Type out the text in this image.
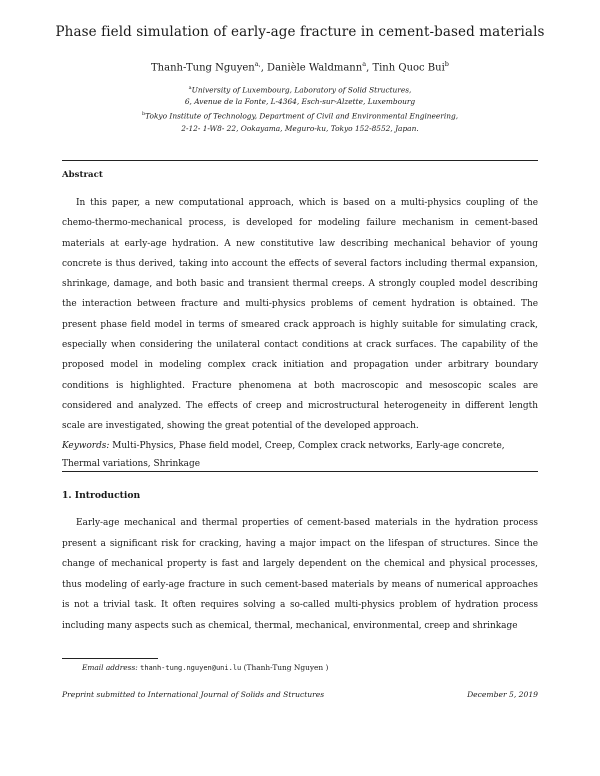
Phase field simulation of early-age fracture in cement-based materials
Thanh-Tung Nguyen$^{a,}$, Danièle Waldmann$^a$, Tinh Quoc Bui$^b$
$^a$University of Luxembourg, Laboratory of Solid Structures,
6, Avenue de la Fonte, L-4364, Esch-sur-Alzette, Luxembourg
$^b$Tokyo Institute of Technology, Department of Civil and Environmental Engineering,
2-12- 1-W8- 22, Ookayama, Meguro-ku, Tokyo 152-8552, Japan.
Abstract
In this paper, a new computational approach, which is based on a multi-physics coupling of the chemo-thermo-mechanical process, is developed for modeling failure mechanism in cement-based materials at early-age hydration. A new constitutive law describing mechanical behavior of young concrete is thus derived, taking into account the effects of several factors including thermal expansion, shrinkage, damage, and both basic and transient thermal creeps. A strongly coupled model describing the interaction between fracture and multi-physics problems of cement hydration is obtained. The present phase field model in terms of smeared crack approach is highly suitable for simulating crack, especially when considering the unilateral contact conditions at crack surfaces. The capability of the proposed model in modeling complex crack initiation and propagation under arbitrary boundary conditions is highlighted. Fracture phenomena at both macroscopic and mesoscopic scales are considered and analyzed. The effects of creep and microstructural heterogeneity in different length scale are investigated, showing the great potential of the developed approach.
Keywords: Multi-Physics, Phase field model, Creep, Complex crack networks, Early-age concrete, Thermal variations, Shrinkage
1. Introduction
Early-age mechanical and thermal properties of cement-based materials in the hydration process present a significant risk for cracking, having a major impact on the lifespan of structures. Since the change of mechanical property is fast and largely dependent on the chemical and physical processes, thus modeling of early-age fracture in such cement-based materials by means of numerical approaches is not a trivial task. It often requires solving a so-called multi-physics problem of hydration process including many aspects such as chemical, thermal, mechanical, environmental, creep and shrinkage
Email address: thanh-tung.nguyen@uni.lu (Thanh-Tung Nguyen )
Preprint submitted to International Journal of Solids and Structures	December 5, 2019
